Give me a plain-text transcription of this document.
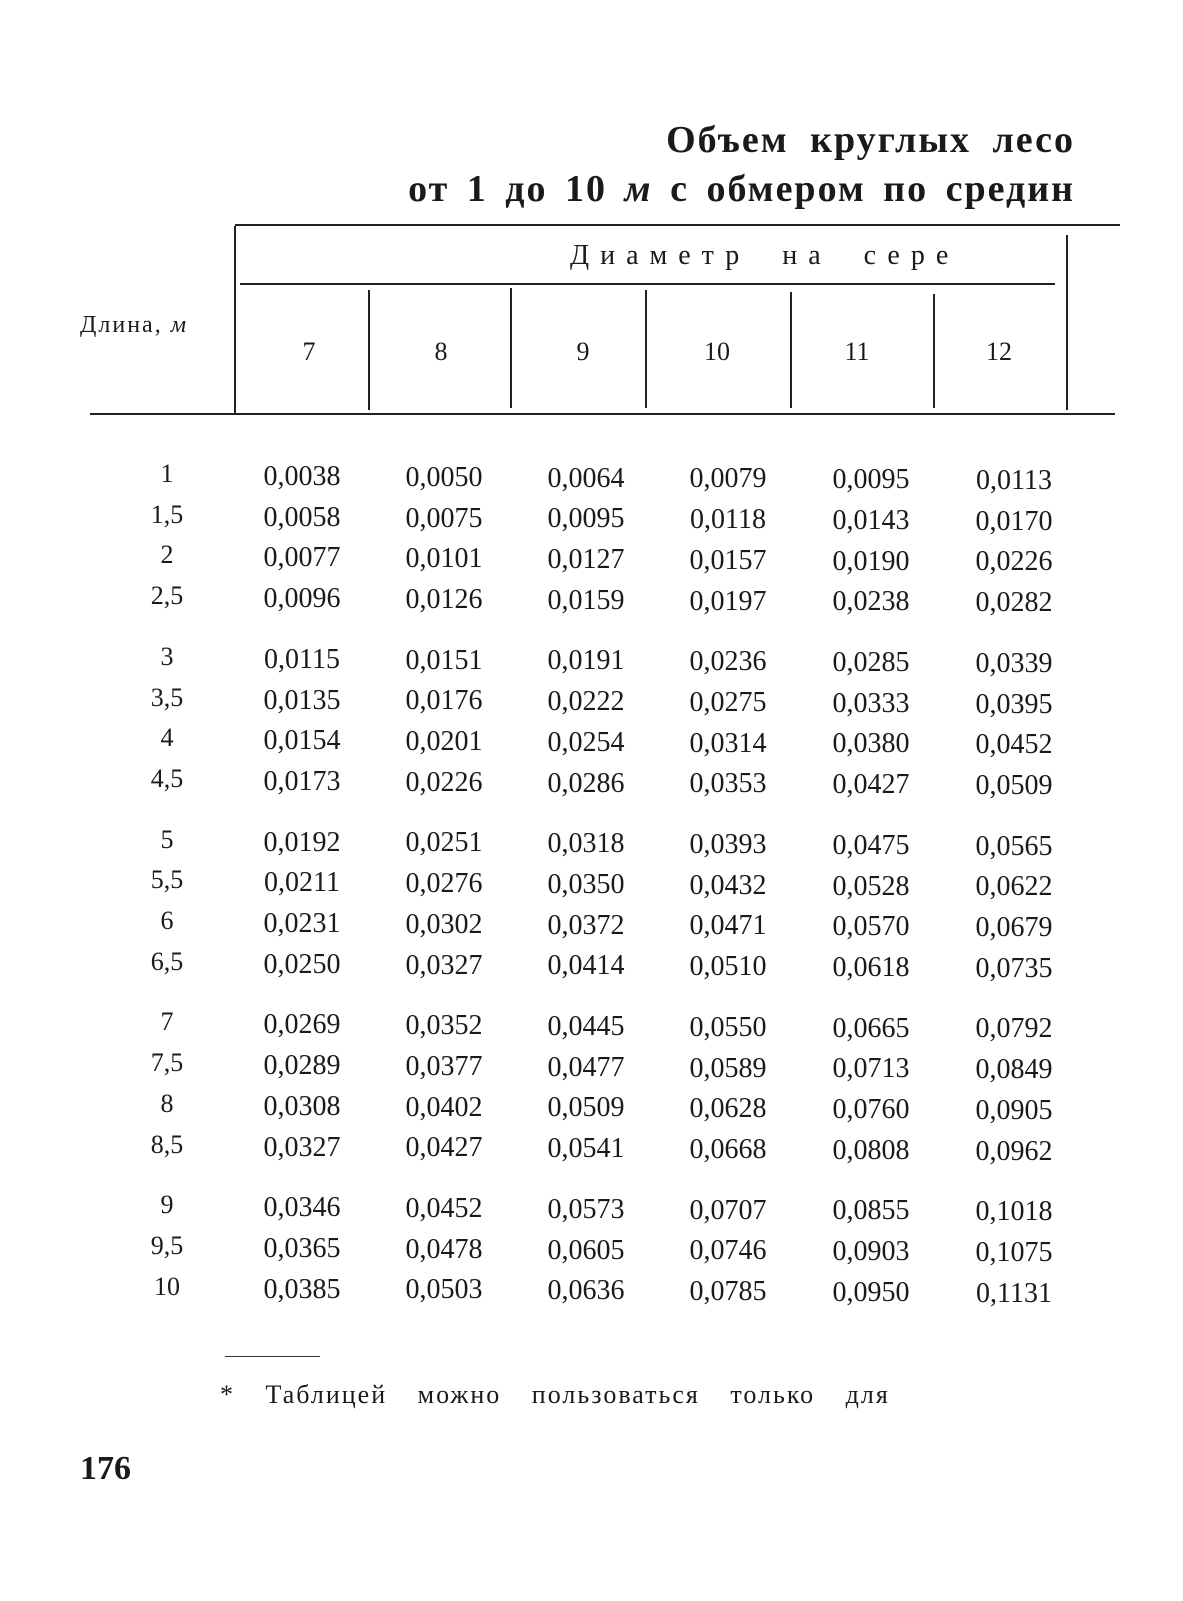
Объем круглых лесо
от 1 до 10 м с обмером по средин
Длина, м
Диаметр на сере
7	8	9	10	11	12
1	0,0038	0,0050	0,0064	0,0079	0,0095	0,0113
1,5	0,0058	0,0075	0,0095	0,0118	0,0143	0,0170
2	0,0077	0,0101	0,0127	0,0157	0,0190	0,0226
2,5	0,0096	0,0126	0,0159	0,0197	0,0238	0,0282
3	0,0115	0,0151	0,0191	0,0236	0,0285	0,0339
3,5	0,0135	0,0176	0,0222	0,0275	0,0333	0,0395
4	0,0154	0,0201	0,0254	0,0314	0,0380	0,0452
4,5	0,0173	0,0226	0,0286	0,0353	0,0427	0,0509
5	0,0192	0,0251	0,0318	0,0393	0,0475	0,0565
5,5	0,0211	0,0276	0,0350	0,0432	0,0528	0,0622
6	0,0231	0,0302	0,0372	0,0471	0,0570	0,0679
6,5	0,0250	0,0327	0,0414	0,0510	0,0618	0,0735
7	0,0269	0,0352	0,0445	0,0550	0,0665	0,0792
7,5	0,0289	0,0377	0,0477	0,0589	0,0713	0,0849
8	0,0308	0,0402	0,0509	0,0628	0,0760	0,0905
8,5	0,0327	0,0427	0,0541	0,0668	0,0808	0,0962
9	0,0346	0,0452	0,0573	0,0707	0,0855	0,1018
9,5	0,0365	0,0478	0,0605	0,0746	0,0903	0,1075
10	0,0385	0,0503	0,0636	0,0785	0,0950	0,1131
* Таблицей можно пользоваться только для
176
